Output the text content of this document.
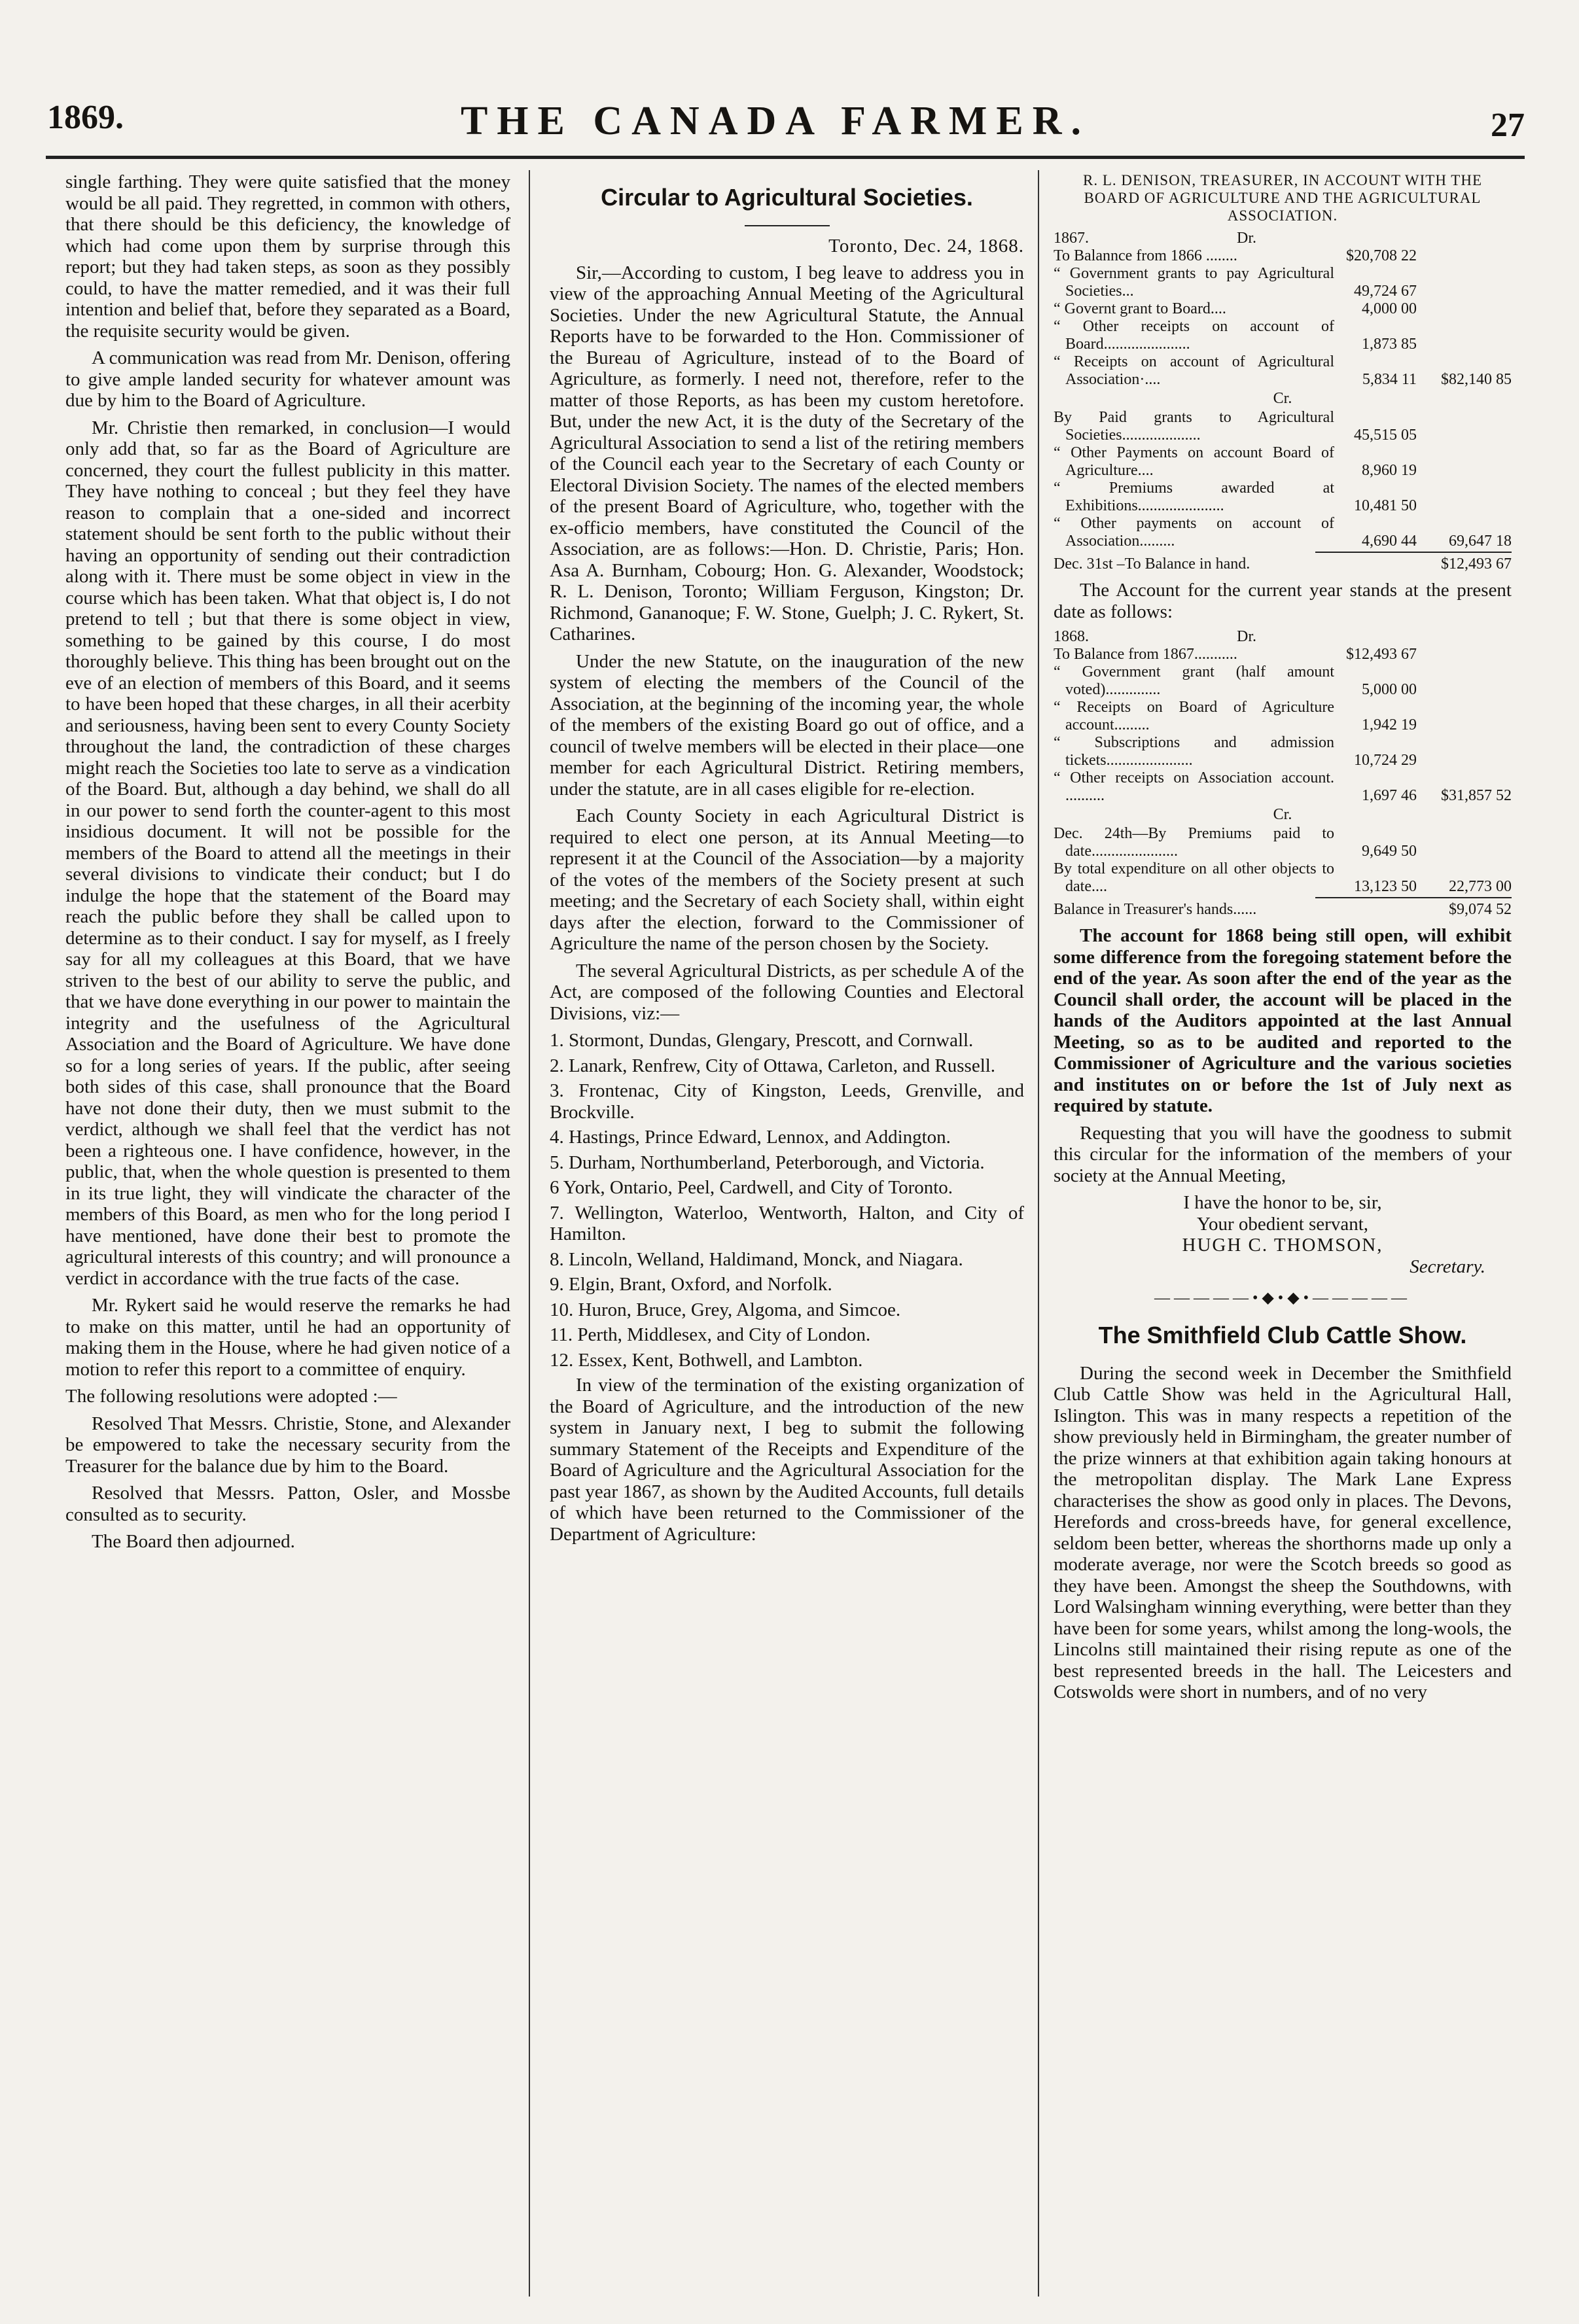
1869.	THE CANADA FARMER.	27

single farthing. They were quite satisfied that the money would be all paid. They regretted, in common with others, that there should be this deficiency, the knowledge of which had come upon them by surprise through this report; but they had taken steps, as soon as they possibly could, to have the matter remedied, and it was their full intention and belief that, before they separated as a Board, the requisite security would be given.

A communication was read from Mr. Denison, offering to give ample landed security for whatever amount was due by him to the Board of Agriculture.

Mr. Christie then remarked, in conclusion—I would only add that, so far as the Board of Agriculture are concerned, they court the fullest publicity in this matter. They have nothing to conceal ; but they feel they have reason to complain that a one-sided and incorrect statement should be sent forth to the public without their having an opportunity of sending out their contradiction along with it. There must be some object in view in the course which has been taken. What that object is, I do not pretend to tell ; but that there is some object in view, something to be gained by this course, I do most thoroughly believe. This thing has been brought out on the eve of an election of members of this Board, and it seems to have been hoped that these charges, in all their acerbity and seriousness, having been sent to every County Society throughout the land, the contradiction of these charges might reach the Societies too late to serve as a vindication of the Board. But, although a day behind, we shall do all in our power to send forth the counter-agent to this most insidious document. It will not be possible for the members of the Board to attend all the meetings in their several divisions to vindicate their conduct; but I do indulge the hope that the statement of the Board may reach the public before they shall be called upon to determine as to their conduct. I say for myself, as I freely say for all my colleagues at this Board, that we have striven to the best of our ability to serve the public, and that we have done everything in our power to maintain the integrity and the usefulness of the Agricultural Association and the Board of Agriculture. We have done so for a long series of years. If the public, after seeing both sides of this case, shall pronounce that the Board have not done their duty, then we must submit to the verdict, although we shall feel that the verdict has not been a righteous one. I have confidence, however, in the public, that, when the whole question is presented to them in its true light, they will vindicate the character of the members of this Board, as men who for the long period I have mentioned, have done their best to promote the agricultural interests of this country; and will pronounce a verdict in accordance with the true facts of the case.

Mr. Rykert said he would reserve the remarks he had to make on this matter, until he had an opportunity of making them in the House, where he had given notice of a motion to refer this report to a committee of enquiry.

The following resolutions were adopted :—

Resolved That Messrs. Christie, Stone, and Alexander be empowered to take the necessary security from the Treasurer for the balance due by him to the Board.

Resolved that Messrs. Patton, Osler, and Mossbe consulted as to security.

The Board then adjourned.

Circular to Agricultural Societies.
Toronto, Dec. 24, 1868.

Sir,—According to custom, I beg leave to address you in view of the approaching Annual Meeting of the Agricultural Societies. Under the new Agricultural Statute, the Annual Reports have to be forwarded to the Hon. Commissioner of the Bureau of Agriculture, instead of to the Board of Agriculture, as formerly. I need not, therefore, refer to the matter of those Reports, as has been my custom heretofore. But, under the new Act, it is the duty of the Secretary of the Agricultural Association to send a list of the retiring members of the Council each year to the Secretary of each County or Electoral Division Society. The names of the elected members of the present Board of Agriculture, who, together with the ex-officio members, have constituted the Council of the Association, are as follows:—Hon. D. Christie, Paris; Hon. Asa A. Burnham, Cobourg; Hon. G. Alexander, Woodstock; R. L. Denison, Toronto; William Ferguson, Kingston; Dr. Richmond, Gananoque; F. W. Stone, Guelph; J. C. Rykert, St. Catharines.

Under the new Statute, on the inauguration of the new system of electing the members of the Council of the Association, at the beginning of the incoming year, the whole of the members of the existing Board go out of office, and a council of twelve members will be elected in their place—one member for each Agricultural District. Retiring members, under the statute, are in all cases eligible for re-election.

Each County Society in each Agricultural District is required to elect one person, at its Annual Meeting—to represent it at the Council of the Association—by a majority of the votes of the members of the Society present at such meeting; and the Secretary of each Society shall, within eight days after the election, forward to the Commissioner of Agriculture the name of the person chosen by the Society.

The several Agricultural Districts, as per schedule A of the Act, are composed of the following Counties and Electoral Divisions, viz:—

1. Stormont, Dundas, Glengary, Prescott, and Cornwall.

2. Lanark, Renfrew, City of Ottawa, Carleton, and Russell.

3. Frontenac, City of Kingston, Leeds, Grenville, and Brockville.

4. Hastings, Prince Edward, Lennox, and Addington.

5. Durham, Northumberland, Peterborough, and Victoria.

6 York, Ontario, Peel, Cardwell, and City of Toronto.

7. Wellington, Waterloo, Wentworth, Halton, and City of Hamilton.

8. Lincoln, Welland, Haldimand, Monck, and Niagara.

9. Elgin, Brant, Oxford, and Norfolk.

10. Huron, Bruce, Grey, Algoma, and Simcoe.

11. Perth, Middlesex, and City of London.

12. Essex, Kent, Bothwell, and Lambton.

In view of the termination of the existing organization of the Board of Agriculture, and the introduction of the new system in January next, I beg to submit the following summary Statement of the Receipts and Expenditure of the Board of Agriculture and the Agricultural Association for the past year 1867, as shown by the Audited Accounts, full details of which have been returned to the Commissioner of the Department of Agriculture:

R. L. DENISON, TREASURER, IN ACCOUNT WITH THE BOARD OF AGRICULTURE AND THE AGRICULTURAL ASSOCIATION.
1867.	Dr.
To Balannce from 1866 ........	$20,708 22
“ Government grants to pay Agricultural Societies...	49,724 67
“ Governt grant to Board....	4,000 00
“ Other receipts on account of Board......................	1,873 85
“ Receipts on account of Agricultural Association·....	5,834 11	$82,140 85
Cr.
By Paid grants to Agricultural Societies....................	45,515 05
“ Other Payments on account Board of Agriculture....	8,960 19
“ Premiums awarded at Exhibitions......................	10,481 50
“ Other payments on account of Association.........	4,690 44	69,647 18
Dec. 31st –To Balance in hand.	$12,493 67

The Account for the current year stands at the present date as follows:

1868.	Dr.
To Balance from 1867...........	$12,493 67
“ Government grant (half amount voted)..............	5,000 00
“ Receipts on Board of Agriculture account.........	1,942 19
“ Subscriptions and admission tickets......................	10,724 29
“ Other receipts on Association account. ..........	1,697 46	$31,857 52
Cr.
Dec. 24th—By Premiums paid to date......................	9,649 50
By total expenditure on all other objects to date....	13,123 50	22,773 00
Balance in Treasurer's hands......	$9,074 52

The account for 1868 being still open, will exhibit some difference from the foregoing statement before the end of the year. As soon after the end of the year as the Council shall order, the account will be placed in the hands of the Auditors appointed at the last Annual Meeting, so as to be audited and reported to the Commissioner of Agriculture and the various societies and institutes on or before the 1st of July next as required by statute.

Requesting that you will have the goodness to submit this circular for the information of the members of your society at the Annual Meeting,

I have the honor to be, sir,
Your obedient servant,
HUGH C. THOMSON,
Secretary.
—————•◆•◆•—————
The Smithfield Club Cattle Show.

During the second week in December the Smithfield Club Cattle Show was held in the Agricultural Hall, Islington. This was in many respects a repetition of the show previously held in Birmingham, the greater number of the prize winners at that exhibition again taking honours at the metropolitan display. The Mark Lane Express characterises the show as good only in places. The Devons, Herefords and cross-breeds have, for general excellence, seldom been better, whereas the shorthorns made up only a moderate average, nor were the Scotch breeds so good as they have been. Amongst the sheep the Southdowns, with Lord Walsingham winning everything, were better than they have been for some years, whilst among the long-wools, the Lincolns still maintained their rising repute as one of the best represented breeds in the hall. The Leicesters and Cotswolds were short in numbers, and of no very
